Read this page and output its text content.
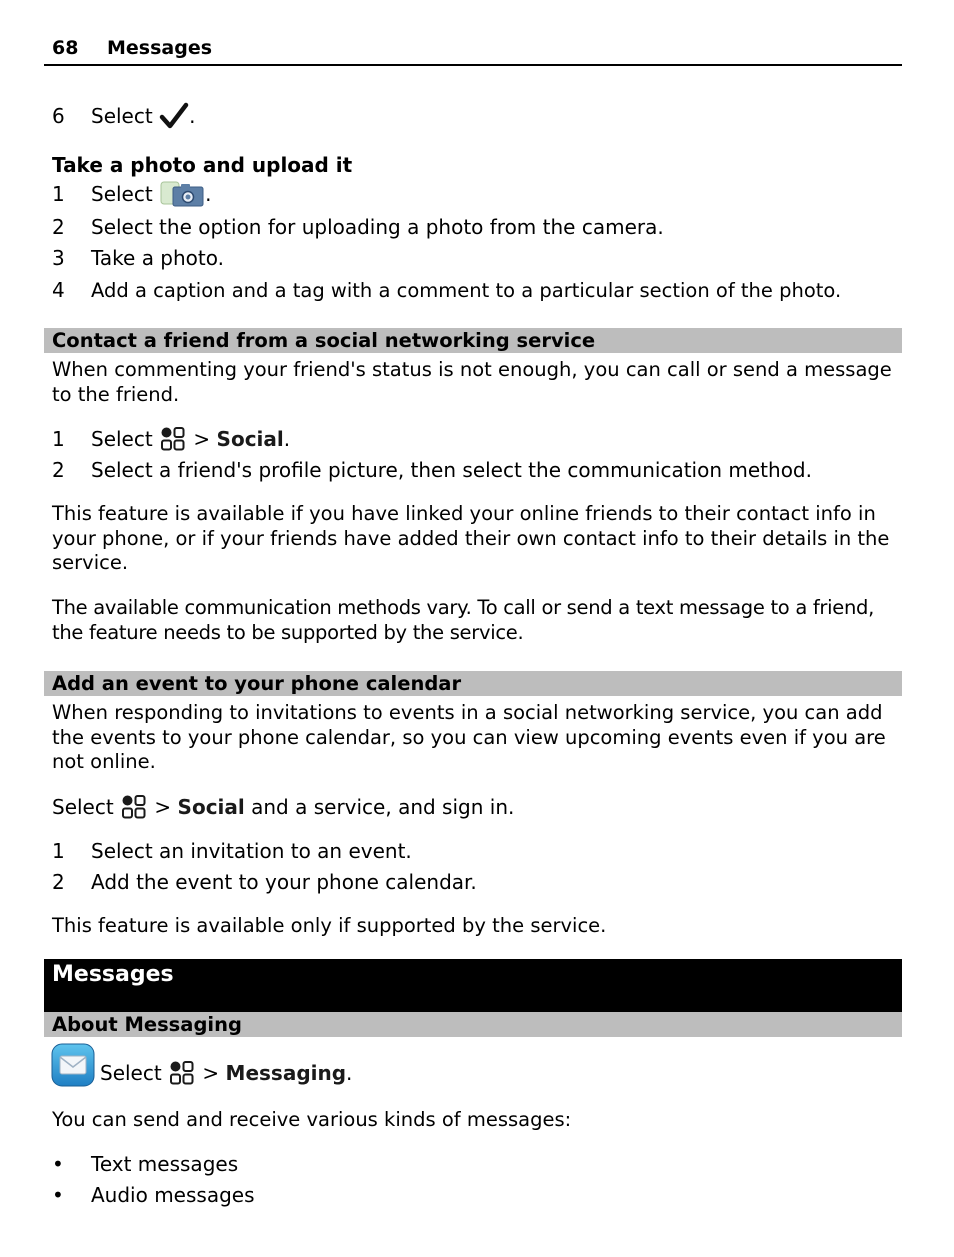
68 Messages
6 Select .
Take a photo and upload it
1 Select	.
2 Select the option for uploading a photo from the camera.
3 Take a photo.
4 Add a caption and a tag with a comment to a particular section of the photo.
Contact a friend from a social networking service
When commenting your friend's status is not enough, you can call or send a message to the friend.
1 Select  > Social.
2 Select a friend's profile picture, then select the communication method.
This feature is available if you have linked your online friends to their contact info in your phone, or if your friends have added their own contact info to their details in the service.
The available communication methods vary. To call or send a text message to a friend, the feature needs to be supported by the service.
Add an event to your phone calendar
When responding to invitations to events in a social networking service, you can add the events to your phone calendar, so you can view upcoming events even if you are not online.
Select  > Social and a service, and sign in.
1 Select an invitation to an event.
2 Add the event to your phone calendar.
This feature is available only if supported by the service.
Messages
About Messaging
Select  > Messaging.
You can send and receive various kinds of messages:
• Text messages
• Audio messages
